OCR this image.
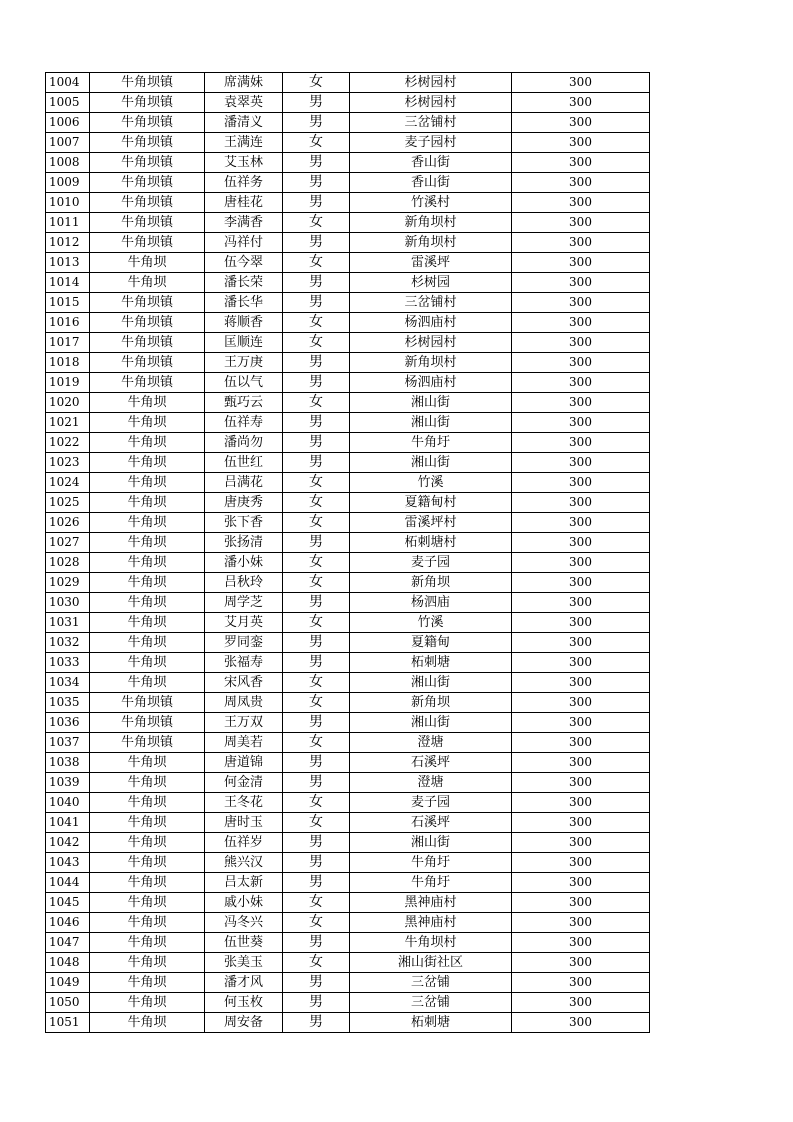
1004	牛角坝镇	席满妹	女	杉树园村	300
1005	牛角坝镇	袁翠英	男	杉树园村	300
1006	牛角坝镇	潘清义	男	三岔铺村	300
1007	牛角坝镇	王满连	女	麦子园村	300
1008	牛角坝镇	艾玉林	男	香山街	300
1009	牛角坝镇	伍祥务	男	香山街	300
1010	牛角坝镇	唐桂花	男	竹溪村	300
1011	牛角坝镇	李满香	女	新角坝村	300
1012	牛角坝镇	冯祥付	男	新角坝村	300
1013	牛角坝	伍今翠	女	雷溪坪	300
1014	牛角坝	潘长荣	男	杉树园	300
1015	牛角坝镇	潘长华	男	三岔铺村	300
1016	牛角坝镇	蒋顺香	女	杨泗庙村	300
1017	牛角坝镇	匡顺连	女	杉树园村	300
1018	牛角坝镇	王万庚	男	新角坝村	300
1019	牛角坝镇	伍以气	男	杨泗庙村	300
1020	牛角坝	甄巧云	女	湘山街	300
1021	牛角坝	伍祥寿	男	湘山街	300
1022	牛角坝	潘尚勿	男	牛角圩	300
1023	牛角坝	伍世红	男	湘山街	300
1024	牛角坝	吕满花	女	竹溪	300
1025	牛角坝	唐庚秀	女	夏籍甸村	300
1026	牛角坝	张下香	女	雷溪坪村	300
1027	牛角坝	张扬清	男	柘刺塘村	300
1028	牛角坝	潘小妹	女	麦子园	300
1029	牛角坝	吕秋玲	女	新角坝	300
1030	牛角坝	周学芝	男	杨泗庙	300
1031	牛角坝	艾月英	女	竹溪	300
1032	牛角坝	罗同銮	男	夏籍甸	300
1033	牛角坝	张福寿	男	柘刺塘	300
1034	牛角坝	宋风香	女	湘山街	300
1035	牛角坝镇	周凤贵	女	新角坝	300
1036	牛角坝镇	王万双	男	湘山街	300
1037	牛角坝镇	周美若	女	澄塘	300
1038	牛角坝	唐道锦	男	石溪坪	300
1039	牛角坝	何金清	男	澄塘	300
1040	牛角坝	王冬花	女	麦子园	300
1041	牛角坝	唐时玉	女	石溪坪	300
1042	牛角坝	伍祥岁	男	湘山街	300
1043	牛角坝	熊兴汉	男	牛角圩	300
1044	牛角坝	吕太新	男	牛角圩	300
1045	牛角坝	戚小妹	女	黑神庙村	300
1046	牛角坝	冯冬兴	女	黑神庙村	300
1047	牛角坝	伍世葵	男	牛角坝村	300
1048	牛角坝	张美玉	女	湘山街社区	300
1049	牛角坝	潘才风	男	三岔铺	300
1050	牛角坝	何玉枚	男	三岔铺	300
1051	牛角坝	周安备	男	柘刺塘	300
